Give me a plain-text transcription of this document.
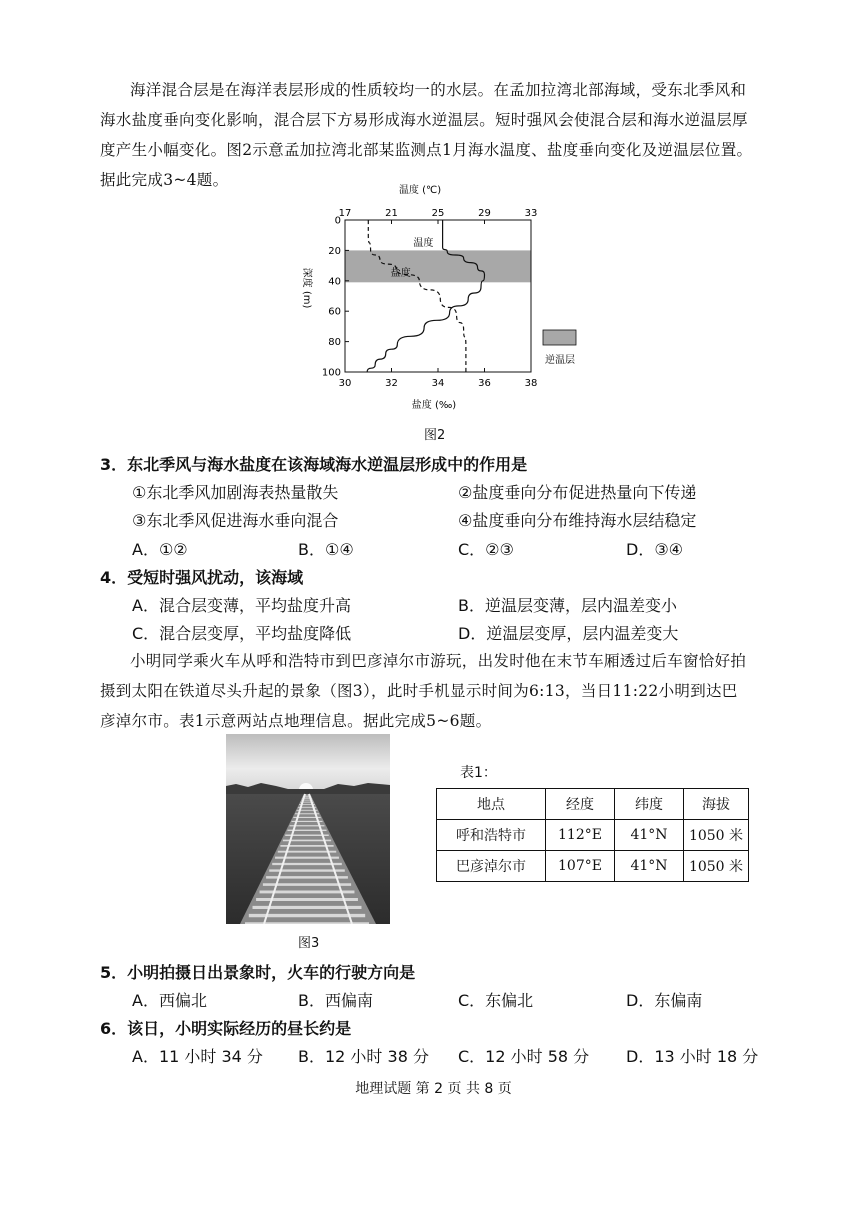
海洋混合层是在海洋表层形成的性质较均一的水层。在孟加拉湾北部海域，受东北季风和
海水盐度垂向变化影响，混合层下方易形成海水逆温层。短时强风会使混合层和海水逆温层厚
度产生小幅变化。图2示意孟加拉湾北部某监测点1月海水温度、盐度垂向变化及逆温层位置。
据此完成3~4题。
温度 (℃)
盐度 (‰)
深度 (m)
0
20
40
60
80
100
17	21	25	29	33
30	32	34	36	38
温度
盐度
逆温层
图2
3．东北季风与海水盐度在该海域海水逆温层形成中的作用是
①东北季风加剧海表热量散失	②盐度垂向分布促进热量向下传递
③东北季风促进海水垂向混合	④盐度垂向分布维持海水层结稳定
A．①②	B．①④	C．②③	D．③④
4．受短时强风扰动，该海域
A．混合层变薄，平均盐度升高	B．逆温层变薄，层内温差变小
C．混合层变厚，平均盐度降低	D．逆温层变厚，层内温差变大
小明同学乘火车从呼和浩特市到巴彦淖尔市游玩，出发时他在末节车厢透过后车窗恰好拍
摄到太阳在铁道尽头升起的景象（图3），此时手机显示时间为6:13，当日11:22小明到达巴
彦淖尔市。表1示意两站点地理信息。据此完成5~6题。
图3
表1：
地点	经度	纬度	海拔
呼和浩特市	112°E	41°N	1050 米
巴彦淖尔市	107°E	41°N	1050 米
5．小明拍摄日出景象时，火车的行驶方向是
A．西偏北	B．西偏南	C．东偏北	D．东偏南
6．该日，小明实际经历的昼长约是
A．11 小时 34 分 B．12 小时 38 分 C．12 小时 58 分 D．13 小时 18 分
地理试题 第 2 页 共 8 页
